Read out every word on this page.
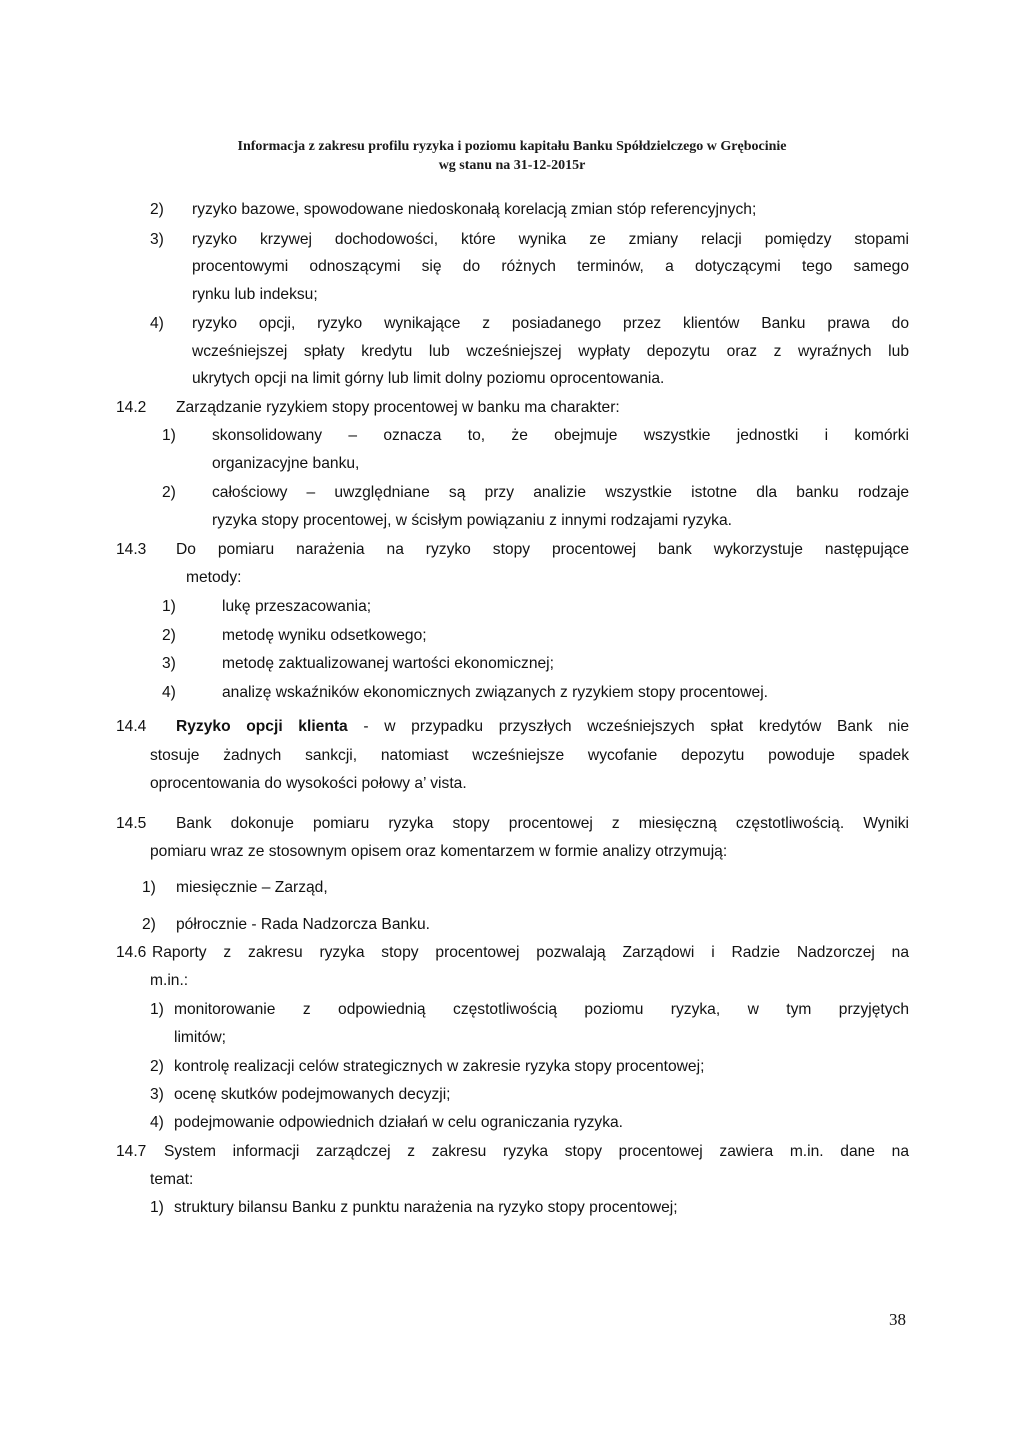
Informacja z zakresu profilu ryzyka i poziomu kapitału Banku Spółdzielczego w Grębocinie
wg stanu na 31-12-2015r
2) ryzyko bazowe, spowodowane niedoskonałą korelacją zmian stóp referencyjnych;
3) ryzyko krzywej dochodowości, które wynika ze zmiany relacji pomiędzy stopami
procentowymi odnoszącymi się do różnych terminów, a dotyczącymi tego samego
rynku lub indeksu;
4) ryzyko opcji, ryzyko wynikające z posiadanego przez klientów Banku prawa do
wcześniejszej spłaty kredytu lub wcześniejszej wypłaty depozytu oraz z wyraźnych lub
ukrytych opcji na limit górny lub limit dolny poziomu oprocentowania.
14.2 Zarządzanie ryzykiem stopy procentowej w banku ma charakter:
1) skonsolidowany – oznacza to, że obejmuje wszystkie jednostki i komórki
organizacyjne banku,
2) całościowy – uwzględniane są przy analizie wszystkie istotne dla banku rodzaje
ryzyka stopy procentowej, w ścisłym powiązaniu z innymi rodzajami ryzyka.
14.3 Do pomiaru narażenia na ryzyko stopy procentowej bank wykorzystuje następujące
metody:
1)	lukę przeszacowania;
2)	metodę wyniku odsetkowego;
3)	metodę zaktualizowanej wartości ekonomicznej;
4)	analizę wskaźników ekonomicznych związanych z ryzykiem stopy procentowej.
14.4 Ryzyko opcji klienta - w przypadku przyszłych wcześniejszych spłat kredytów Bank nie
stosuje żadnych sankcji, natomiast wcześniejsze wycofanie depozytu powoduje spadek
oprocentowania do wysokości połowy a’ vista.
14.5 Bank dokonuje pomiaru ryzyka stopy procentowej z miesięczną częstotliwością. Wyniki
pomiaru wraz ze stosownym opisem oraz komentarzem w formie analizy otrzymują:
1) miesięcznie – Zarząd,
2) półrocznie - Rada Nadzorcza Banku.
14.6 Raporty z zakresu ryzyka stopy procentowej pozwalają Zarządowi i Radzie Nadzorczej na
m.in.:
1) monitorowanie z odpowiednią częstotliwością poziomu ryzyka, w tym przyjętych
limitów;
2) kontrolę realizacji celów strategicznych w zakresie ryzyka stopy procentowej;
3) ocenę skutków podejmowanych decyzji;
4) podejmowanie odpowiednich działań w celu ograniczania ryzyka.
14.7 System informacji zarządczej z zakresu ryzyka stopy procentowej zawiera m.in. dane na
temat:
1) struktury bilansu Banku z punktu narażenia na ryzyko stopy procentowej;
38
